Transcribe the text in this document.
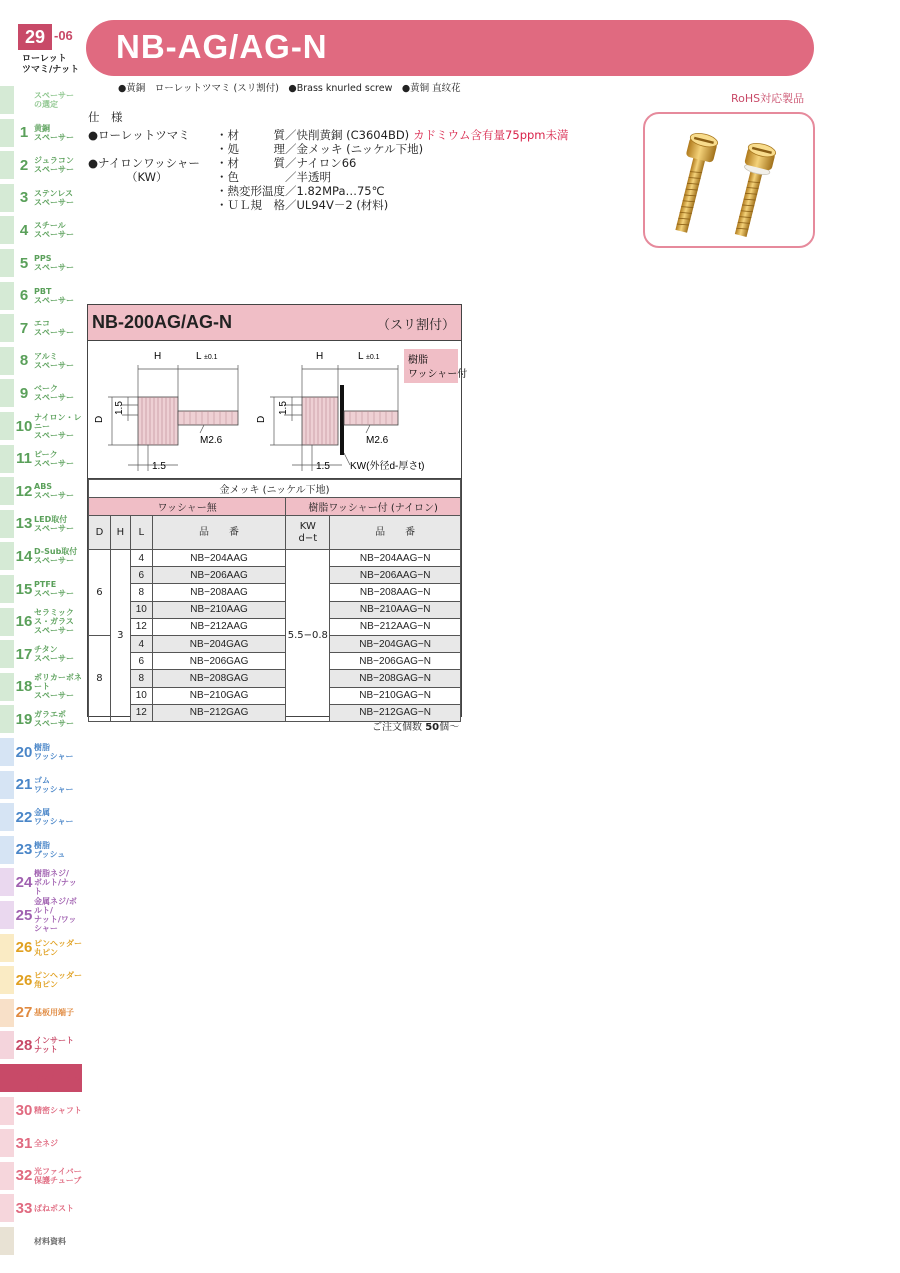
29 -06
ローレット
ツマミ/ナット
スペーサー
の選定
1 黄銅
スペーサー
2 ジュラコン
スペーサー
3 ステンレス
スペーサー
4 スチール
スペーサー
5 PPS
スペーサー
6 PBT
スペーサー
7 エコ
スペーサー
8 アルミ
スペーサー
9 ベーク
スペーサー
10
ナイロン・レニー
スペーサー
11 ピーク
スペーサー
12 ABS
スペーサー
13 LED取付
スペーサー
14 D-Sub取付
スペーサー
15 PTFE
スペーサー
16
セラミックス・ガラス
スペーサー
17 チタン
スペーサー
18
ポリカーボネート
スペーサー
19 ガラエポ
スペーサー
20 樹脂
ワッシャー
21 ゴム
ワッシャー
22 金属
ワッシャー
23 樹脂
ブッシュ
24
樹脂ネジ/
ボルト/ナット
25
金属ネジ/ボルト/
ナット/ワッシャー
26 ピンヘッダー
丸ピン
26 ピンヘッダー
角ピン
27 基板用端子
28 インサート
ナット
29
ローレット
ツマミ・ナット
30 精密シャフト
31 全ネジ
32 光ファイバー
保護チューブ
33 ばねポスト
材料資料
NB-AG/AG-N
●黄銅　ローレットツマミ (スリ割付)　●Brass knurled screw　●黄铜 直纹花
RoHS対応製品
仕　様
●ローレットツマミ
●ナイロンワッシャー
（KW）
・材　　　質／快削黄銅 (C3604BD) カドミウム含有量75ppm未満
・処　　　理／金メッキ (ニッケル下地)
・材　　　質／ナイロン66
・色　　　　／半透明
・熱変形温度／1.82MPa…75℃
・ＵＬ規　格／UL94V－2 (材料)
NB-200AG/AG-N	（スリ割付）
H	L ±0.1
D
1.5
M2.6
1.5
樹脂
ワッシャー付
H	L ±0.1
D
1.5
M2.6
1.5 KW(外径d-厚さt)
金メッキ (ニッケル下地)					
ワッシャー無				樹脂ワッシャー付 (ナイロン)	
D	H	L	品　　番	KW
d−t	品　　番
6	3	4	NB−204AAG	5.5−0.8	NB−204AAG−N
		6	NB−206AAG		NB−206AAG−N
		8	NB−208AAG		NB−208AAG−N
		10	NB−210AAG		NB−210AAG−N
		12	NB−212AAG		NB−212AAG−N
8		4	NB−204GAG		NB−204GAG−N
		6	NB−206GAG		NB−206GAG−N
		8	NB−208GAG		NB−208GAG−N
		10	NB−210GAG		NB−210GAG−N
		12	NB−212GAG		NB−212GAG−N
ご注文個数 50個〜
